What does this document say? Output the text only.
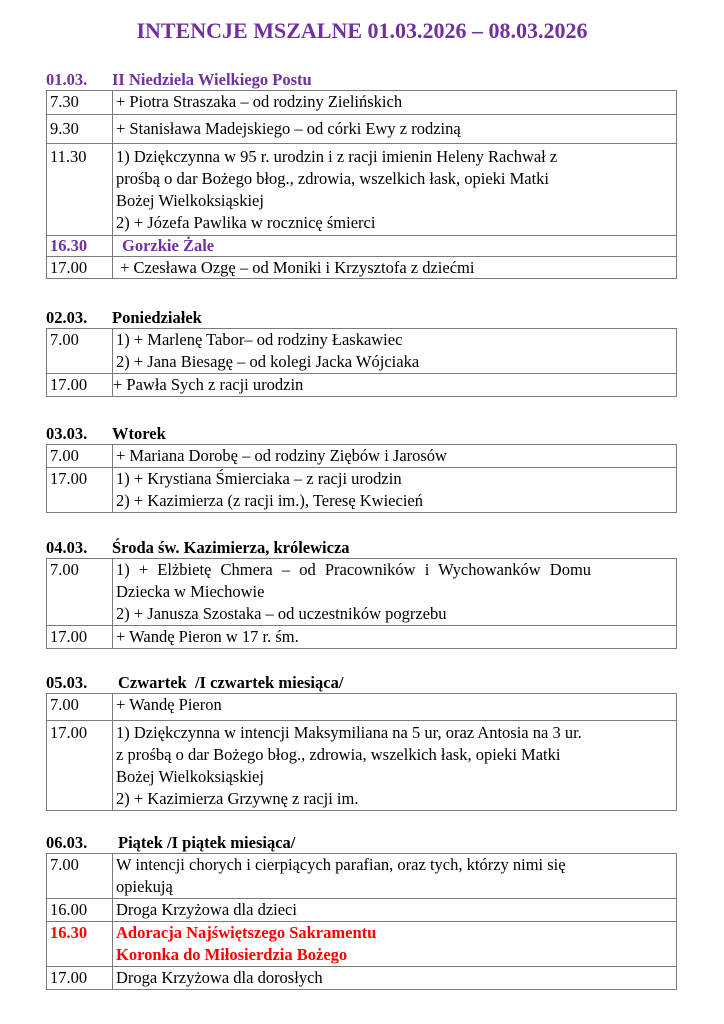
INTENCJE MSZALNE 01.03.2026 – 08.03.2026
01.03. II Niedziela Wielkiego Postu
7.30	+ Piotra Straszaka – od rodziny Zielińskich

9.30	+ Stanisława Madejskiego – od córki Ewy z rodziną

11.30	1) Dziękczynna w 95 r. urodzin i z racji imienin Heleny Rachwał z
prośbą o dar Bożego błog., zdrowia, wszelkich łask, opieki Matki
Bożej Wielkoksiąskiej
2) + Józefa Pawlika w rocznicę śmierci

16.30	Gorzkie Żale

17.00	+ Czesława Ozgę – od Moniki i Krzysztofa z dziećmi
02.03. Poniedziałek
7.00	1) + Marlenę Tabor– od rodziny Łaskawiec
2) + Jana Biesagę – od kolegi Jacka Wójciaka

17.00	+ Pawła Sych z racji urodzin
03.03. Wtorek
7.00	+ Mariana Dorobę – od rodziny Ziębów i Jarosów

17.00	1) + Krystiana Śmierciaka – z racji urodzin
2) + Kazimierza (z racji im.), Teresę Kwiecień
04.03. Środa św. Kazimierza, królewicza
7.00	1) + Elżbietę Chmera – od Pracowników i Wychowanków Domu
Dziecka w Miechowie
2) + Janusza Szostaka – od uczestników pogrzebu

17.00	+ Wandę Pieron w 17 r. śm.
05.03. Czwartek  /I czwartek miesiąca/
7.00	+ Wandę Pieron

17.00	1) Dziękczynna w intencji Maksymiliana na 5 ur, oraz Antosia na 3 ur.
z prośbą o dar Bożego błog., zdrowia, wszelkich łask, opieki Matki
Bożej Wielkoksiąskiej
2) + Kazimierza Grzywnę z racji im.
06.03. Piątek /I piątek miesiąca/
7.00	W intencji chorych i cierpiących parafian, oraz tych, którzy nimi się
opiekują

16.00	Droga Krzyżowa dla dzieci

16.30	Adoracja Najświętszego Sakramentu
Koronka do Miłosierdzia Bożego

17.00	Droga Krzyżowa dla dorosłych
